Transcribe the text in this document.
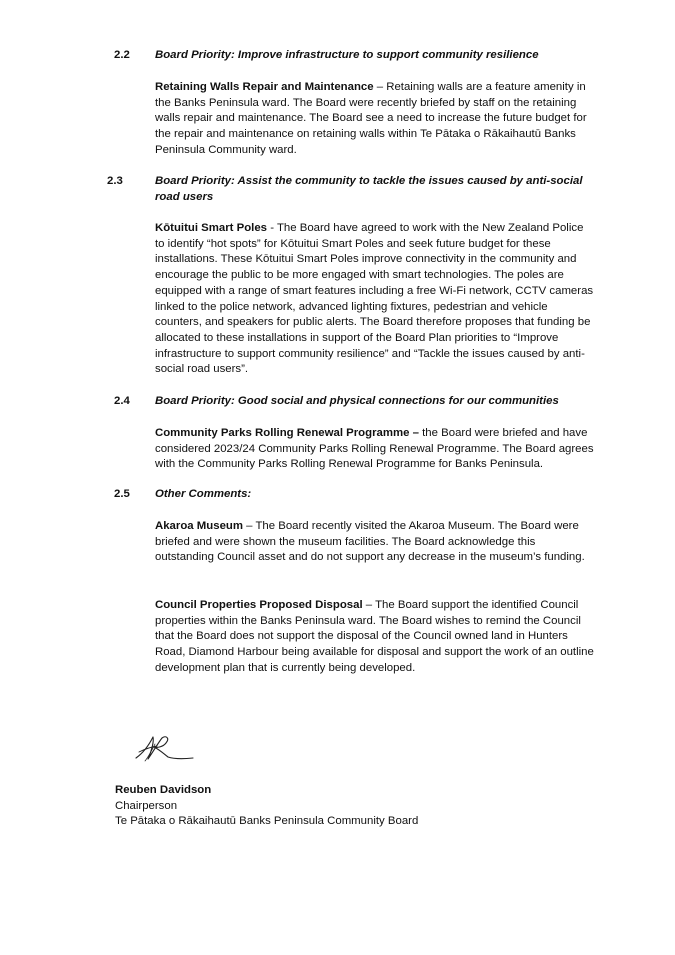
2.2 Board Priority: Improve infrastructure to support community resilience

Retaining Walls Repair and Maintenance – Retaining walls are a feature amenity in the Banks Peninsula ward. The Board were recently briefed by staff on the retaining walls repair and maintenance. The Board see a need to increase the future budget for the repair and maintenance on retaining walls within Te Pātaka o Rākaihautū Banks Peninsula Community ward.

2.3	Board Priority: Assist the community to tackle the issues caused by anti-social road users

Kōtuitui Smart Poles - The Board have agreed to work with the New Zealand Police to identify “hot spots” for Kōtuitui Smart Poles and seek future budget for these installations. These Kōtuitui Smart Poles improve connectivity in the community and encourage the public to be more engaged with smart technologies. The poles are equipped with a range of smart features including a free Wi-Fi network, CCTV cameras linked to the police network, advanced lighting fixtures, pedestrian and vehicle counters, and speakers for public alerts. The Board therefore proposes that funding be allocated to these installations in support of the Board Plan priorities to “Improve infrastructure to support community resilience” and “Tackle the issues caused by anti-social road users”.

2.4 Board Priority: Good social and physical connections for our communities

Community Parks Rolling Renewal Programme – the Board were briefed and have considered 2023/24 Community Parks Rolling Renewal Programme. The Board agrees with the Community Parks Rolling Renewal Programme for Banks Peninsula.

2.5 Other Comments:

Akaroa Museum – The Board recently visited the Akaroa Museum. The Board were briefed and were shown the museum facilities. The Board acknowledge this outstanding Council asset and do not support any decrease in the museum’s funding.

Council Properties Proposed Disposal – The Board support the identified Council properties within the Banks Peninsula ward. The Board wishes to remind the Council that the Board does not support the disposal of the Council owned land in Hunters Road, Diamond Harbour being available for disposal and support the work of an outline development plan that is currently being developed.

Reuben Davidson
Chairperson
Te Pātaka o Rākaihautū Banks Peninsula Community Board
